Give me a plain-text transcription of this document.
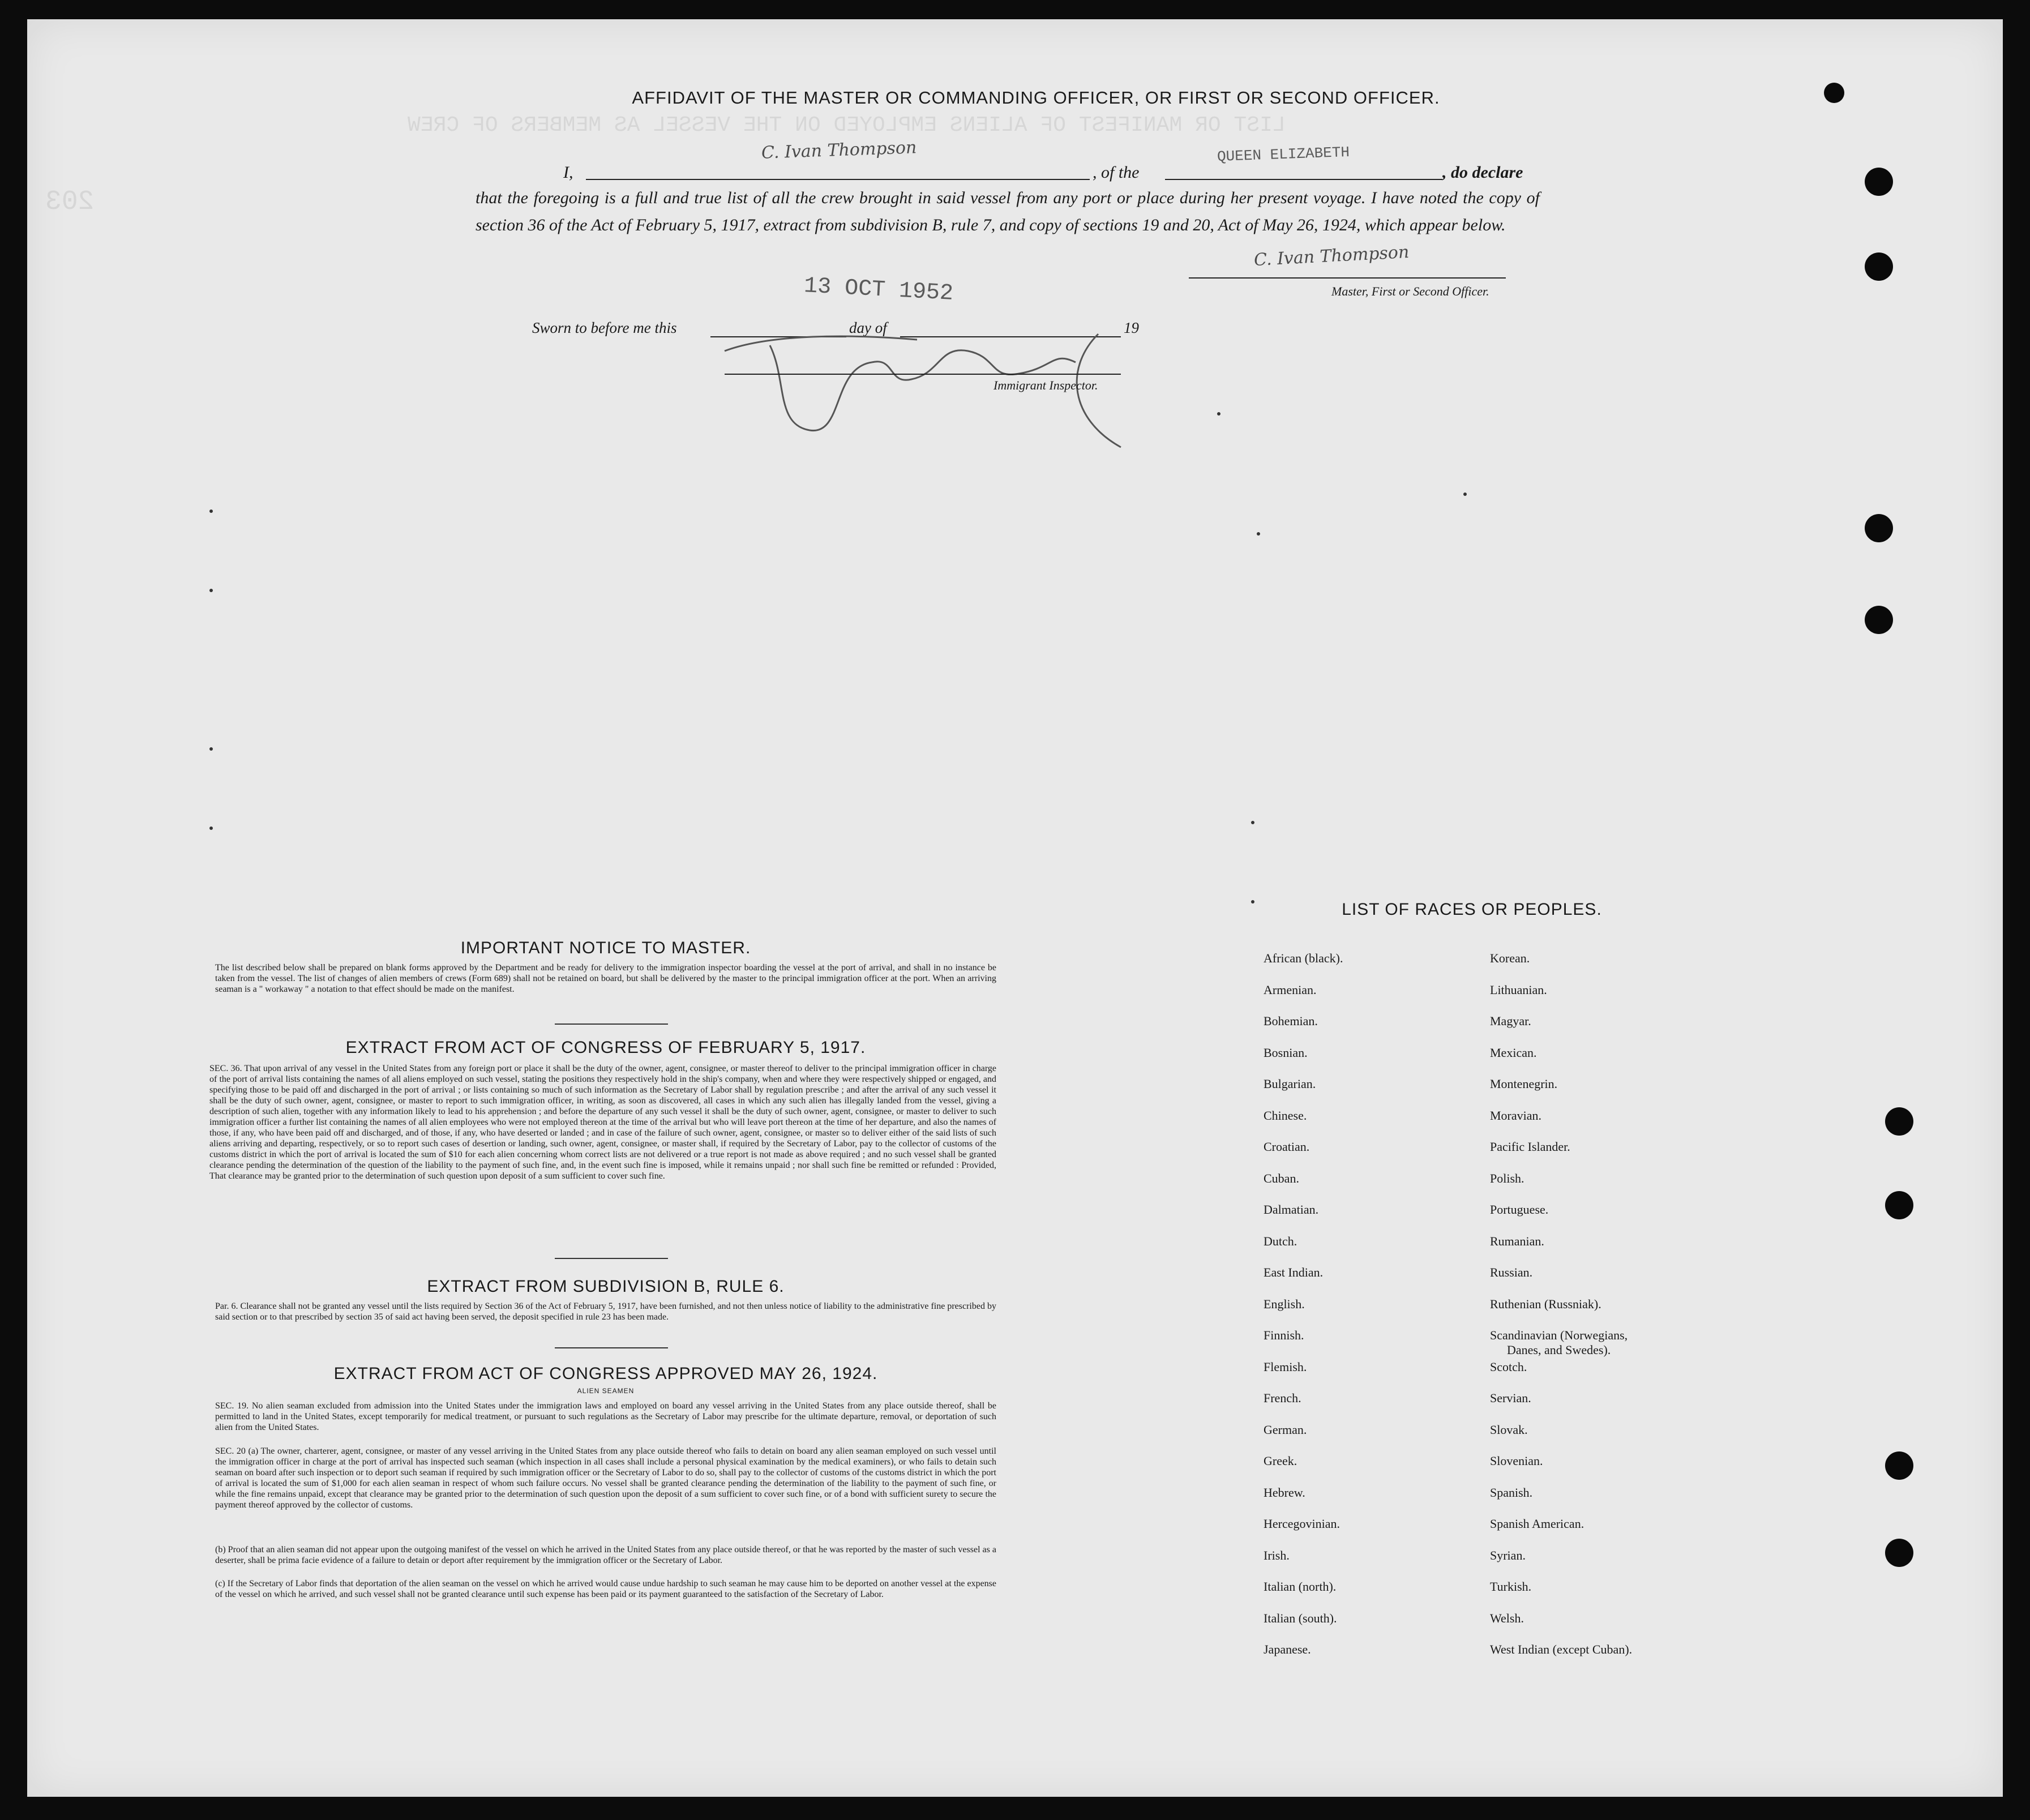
LIST OR MANIFEST OF ALIENS EMPLOYED ON THE VESSEL AS MEMBERS OF CREW
203
AFFIDAVIT OF THE MASTER OR COMMANDING OFFICER, OR FIRST OR SECOND OFFICER.
I,
C. Ivan Thompson
, of the
QUEEN ELIZABETH
, do declare
that the foregoing is a full and true list of all the crew brought in said vessel from any port or place during her present voyage. I have noted the copy of section 36 of the Act of February 5, 1917, extract from subdivision B, rule 7, and copy of sections 19 and 20, Act of May 26, 1924, which appear below.
C. Ivan Thompson
Master, First or Second Officer.
13 OCT 1952
Sworn to before me this	day of	19
Immigrant Inspector.
IMPORTANT NOTICE TO MASTER.
The list described below shall be prepared on blank forms approved by the Department and be ready for delivery to the immigration inspector boarding the vessel at the port of arrival, and shall in no instance be taken from the vessel. The list of changes of alien members of crews (Form 689) shall not be retained on board, but shall be delivered by the master to the principal immigration officer at the port. When an arriving seaman is a " workaway " a notation to that effect should be made on the manifest.
EXTRACT FROM ACT OF CONGRESS OF FEBRUARY 5, 1917.
SEC. 36. That upon arrival of any vessel in the United States from any foreign port or place it shall be the duty of the owner, agent, consignee, or master thereof to deliver to the principal immigration officer in charge of the port of arrival lists containing the names of all aliens employed on such vessel, stating the positions they respectively hold in the ship's company, when and where they were respectively shipped or engaged, and specifying those to be paid off and discharged in the port of arrival ; or lists containing so much of such information as the Secretary of Labor shall by regulation prescribe ; and after the arrival of any such vessel it shall be the duty of such owner, agent, consignee, or master to report to such immigration officer, in writing, as soon as discovered, all cases in which any such alien has illegally landed from the vessel, giving a description of such alien, together with any information likely to lead to his apprehension ; and before the departure of any such vessel it shall be the duty of such owner, agent, consignee, or master to deliver to such immigration officer a further list containing the names of all alien employees who were not employed thereon at the time of the arrival but who will leave port thereon at the time of her departure, and also the names of those, if any, who have been paid off and discharged, and of those, if any, who have deserted or landed ; and in case of the failure of such owner, agent, consignee, or master so to deliver either of the said lists of such aliens arriving and departing, respectively, or so to report such cases of desertion or landing, such owner, agent, consignee, or master shall, if required by the Secretary of Labor, pay to the collector of customs of the customs district in which the port of arrival is located the sum of $10 for each alien concerning whom correct lists are not delivered or a true report is not made as above required ; and no such vessel shall be granted clearance pending the determination of the question of the liability to the payment of such fine, and, in the event such fine is imposed, while it remains unpaid ; nor shall such fine be remitted or refunded : Provided, That clearance may be granted prior to the determination of such question upon deposit of a sum sufficient to cover such fine.
EXTRACT FROM SUBDIVISION B, RULE 6.
Par. 6. Clearance shall not be granted any vessel until the lists required by Section 36 of the Act of February 5, 1917, have been furnished, and not then unless notice of liability to the administrative fine prescribed by said section or to that prescribed by section 35 of said act having been served, the deposit specified in rule 23 has been made.
EXTRACT FROM ACT OF CONGRESS APPROVED MAY 26, 1924.
ALIEN SEAMEN
SEC. 19. No alien seaman excluded from admission into the United States under the immigration laws and employed on board any vessel arriving in the United States from any place outside thereof, shall be permitted to land in the United States, except temporarily for medical treatment, or pursuant to such regulations as the Secretary of Labor may prescribe for the ultimate departure, removal, or deportation of such alien from the United States.
SEC. 20 (a) The owner, charterer, agent, consignee, or master of any vessel arriving in the United States from any place outside thereof who fails to detain on board any alien seaman employed on such vessel until the immigration officer in charge at the port of arrival has inspected such seaman (which inspection in all cases shall include a personal physical examination by the medical examiners), or who fails to detain such seaman on board after such inspection or to deport such seaman if required by such immigration officer or the Secretary of Labor to do so, shall pay to the collector of customs of the customs district in which the port of arrival is located the sum of $1,000 for each alien seaman in respect of whom such failure occurs. No vessel shall be granted clearance pending the determination of the liability to the payment of such fine, or while the fine remains unpaid, except that clearance may be granted prior to the determination of such question upon the deposit of a sum sufficient to cover such fine, or of a bond with sufficient surety to secure the payment thereof approved by the collector of customs.
(b) Proof that an alien seaman did not appear upon the outgoing manifest of the vessel on which he arrived in the United States from any place outside thereof, or that he was reported by the master of such vessel as a deserter, shall be prima facie evidence of a failure to detain or deport after requirement by the immigration officer or the Secretary of Labor.
(c) If the Secretary of Labor finds that deportation of the alien seaman on the vessel on which he arrived would cause undue hardship to such seaman he may cause him to be deported on another vessel at the expense of the vessel on which he arrived, and such vessel shall not be granted clearance until such expense has been paid or its payment guaranteed to the satisfaction of the Secretary of Labor.
LIST OF RACES OR PEOPLES.
African (black).
Armenian.
Bohemian.
Bosnian.
Bulgarian.
Chinese.
Croatian.
Cuban.
Dalmatian.
Dutch.
East Indian.
English.
Finnish.
Flemish.
French.
German.
Greek.
Hebrew.
Hercegovinian.
Irish.
Italian (north).
Italian (south).
Japanese.
Korean.
Lithuanian.
Magyar.
Mexican.
Montenegrin.
Moravian.
Pacific Islander.
Polish.
Portuguese.
Rumanian.
Russian.
Ruthenian (Russniak).
Scandinavian (Norwegians,
Danes, and Swedes).
Scotch.
Servian.
Slovak.
Slovenian.
Spanish.
Spanish American.
Syrian.
Turkish.
Welsh.
West Indian (except Cuban).
